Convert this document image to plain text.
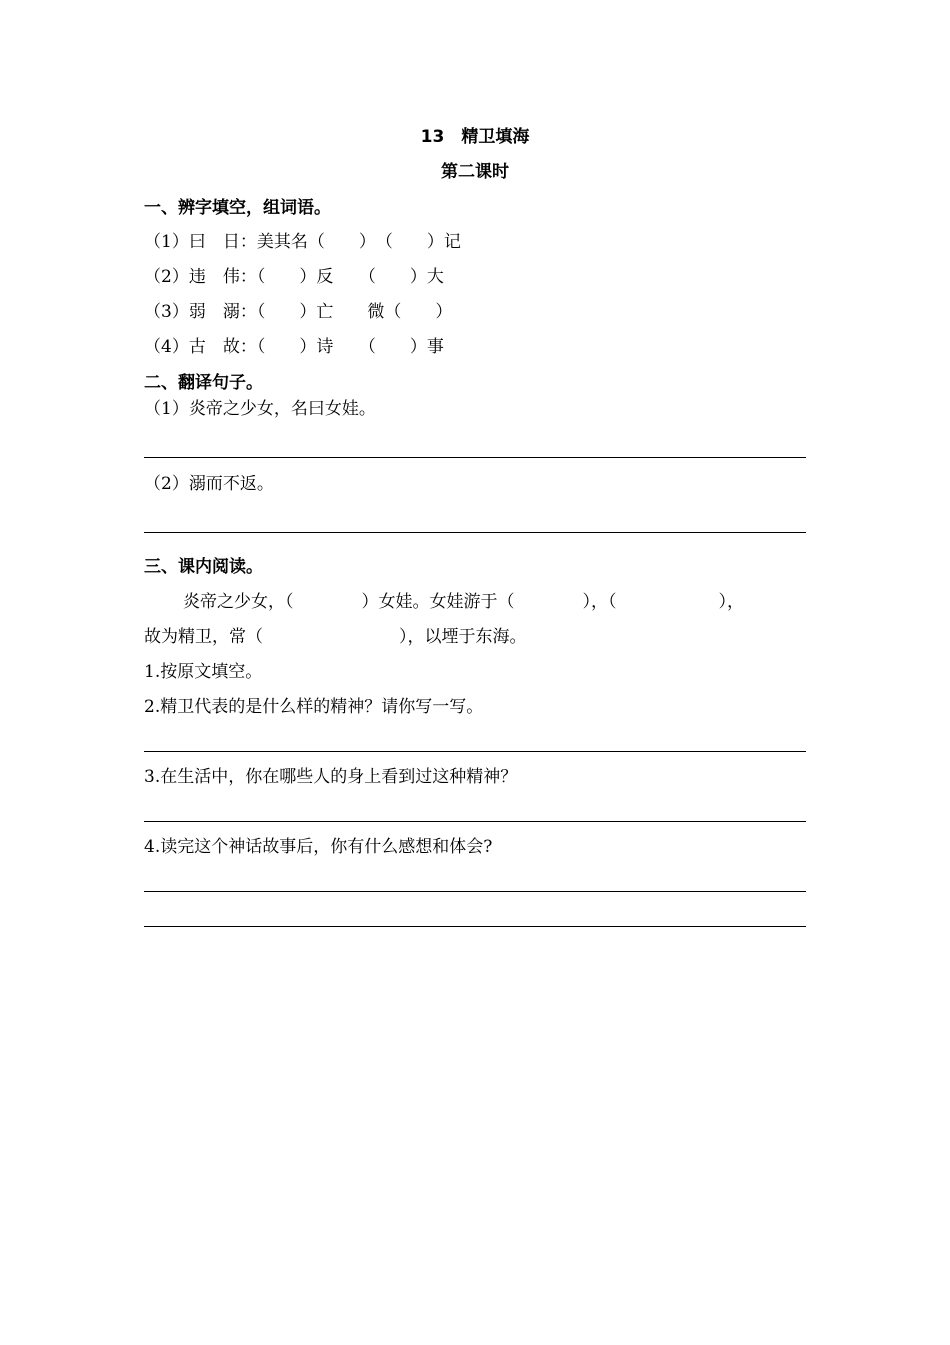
13　精卫填海
第二课时
一、辨字填空，组词语。
（1）曰　日：美其名（　　）　（　　）记
（2）违　伟：（　　）反　　（　　）大
（3）弱　溺：（　　）亡　　微（　　）
（4）古　故：（　　）诗　　（　　）事
二、翻译句子。
（1）炎帝之少女，名曰女娃。
（2）溺而不返。
三、课内阅读。
炎帝之少女，（　　　　）女娃。女娃游于（　　　　），（　　　　　　），
故为精卫，常（　　　　　　　　），以堙于东海。
1.按原文填空。
2.精卫代表的是什么样的精神？请你写一写。
3.在生活中，你在哪些人的身上看到过这种精神？
4.读完这个神话故事后，你有什么感想和体会?
